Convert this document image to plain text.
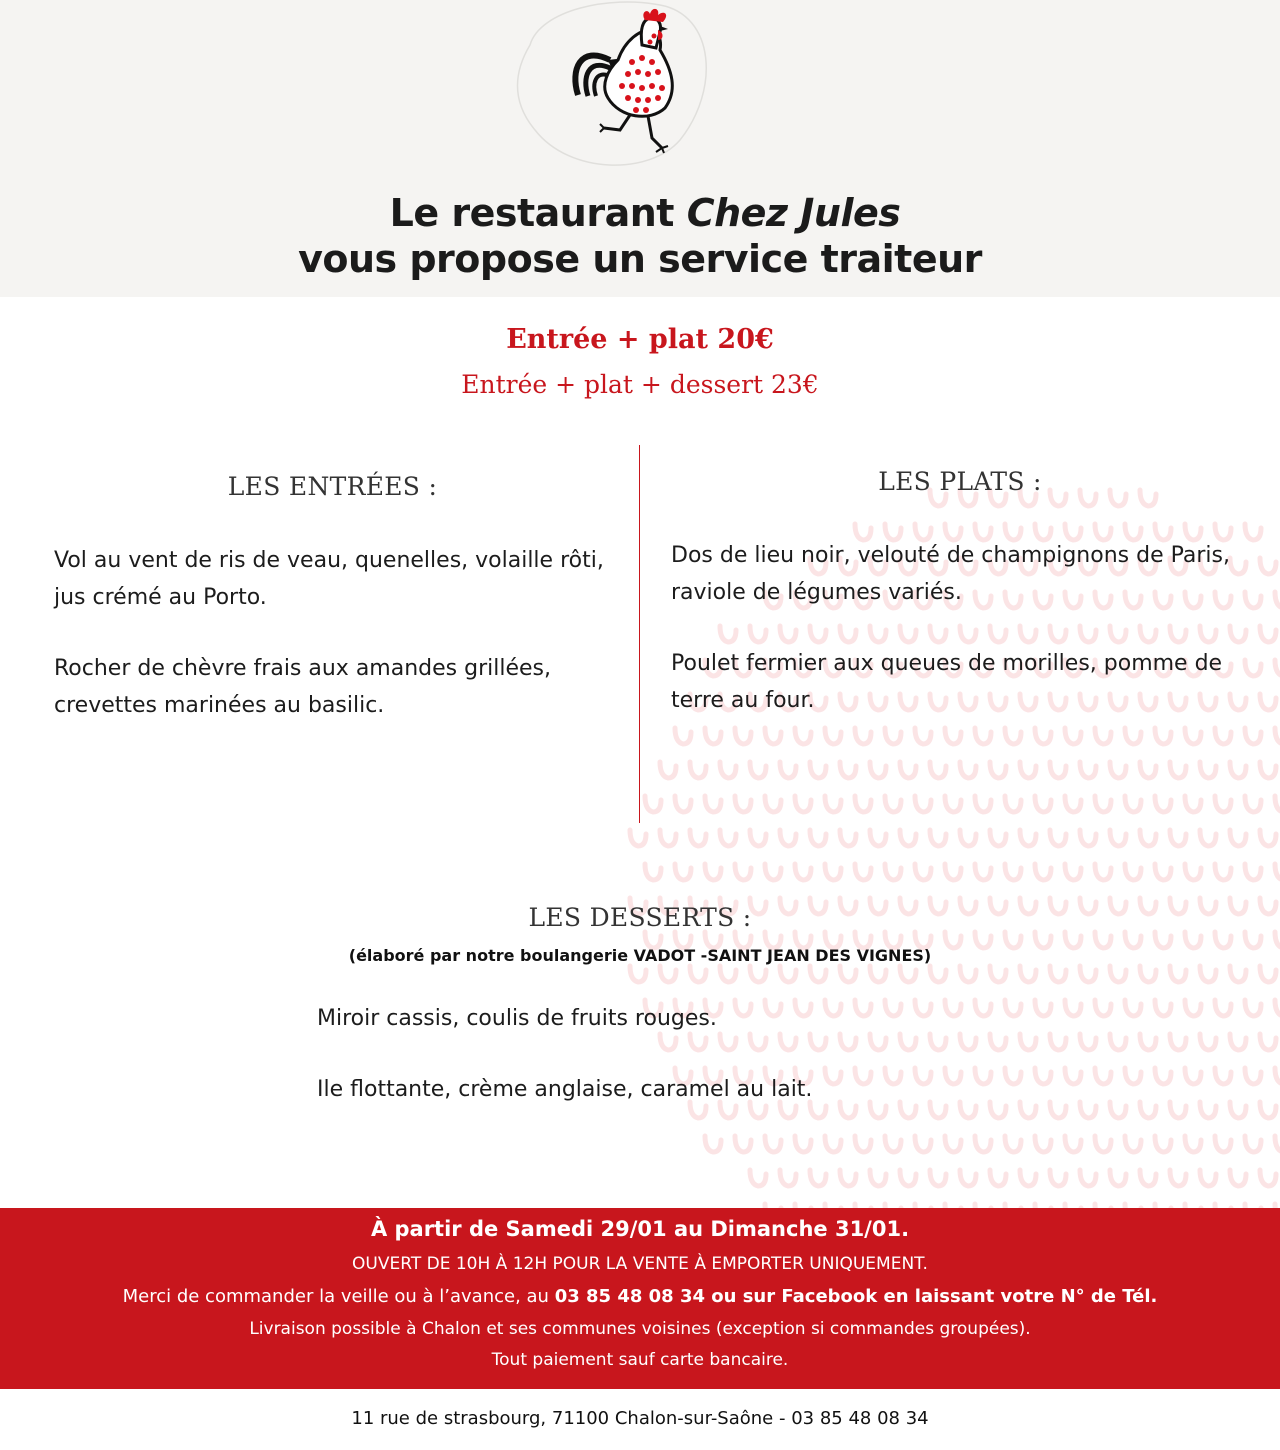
Le restaurant Chez Jules
vous propose un service traiteur
Entrée + plat 20€
Entrée + plat + dessert 23€
LES ENTRÉES :
Vol au vent de ris de veau, quenelles, volaille rôti, jus crémé au Porto.
Rocher de chèvre frais aux amandes grillées, crevettes marinées au basilic.
LES PLATS :
Dos de lieu noir, velouté de champignons de Paris, raviole de légumes variés.
Poulet fermier aux queues de morilles, pomme de terre au four.
LES DESSERTS :
(élaboré par notre boulangerie VADOT -SAINT JEAN DES VIGNES)
Miroir cassis, coulis de fruits rouges.
Ile flottante, crème anglaise, caramel au lait.
À partir de Samedi 29/01 au Dimanche 31/01.
OUVERT DE 10H À 12H POUR LA VENTE À EMPORTER UNIQUEMENT.
Merci de commander la veille ou à l’avance, au 03 85 48 08 34 ou sur Facebook en laissant votre N° de Tél.
Livraison possible à Chalon et ses communes voisines (exception si commandes groupées).
Tout paiement sauf carte bancaire.
11 rue de strasbourg, 71100 Chalon-sur-Saône - 03 85 48 08 34
